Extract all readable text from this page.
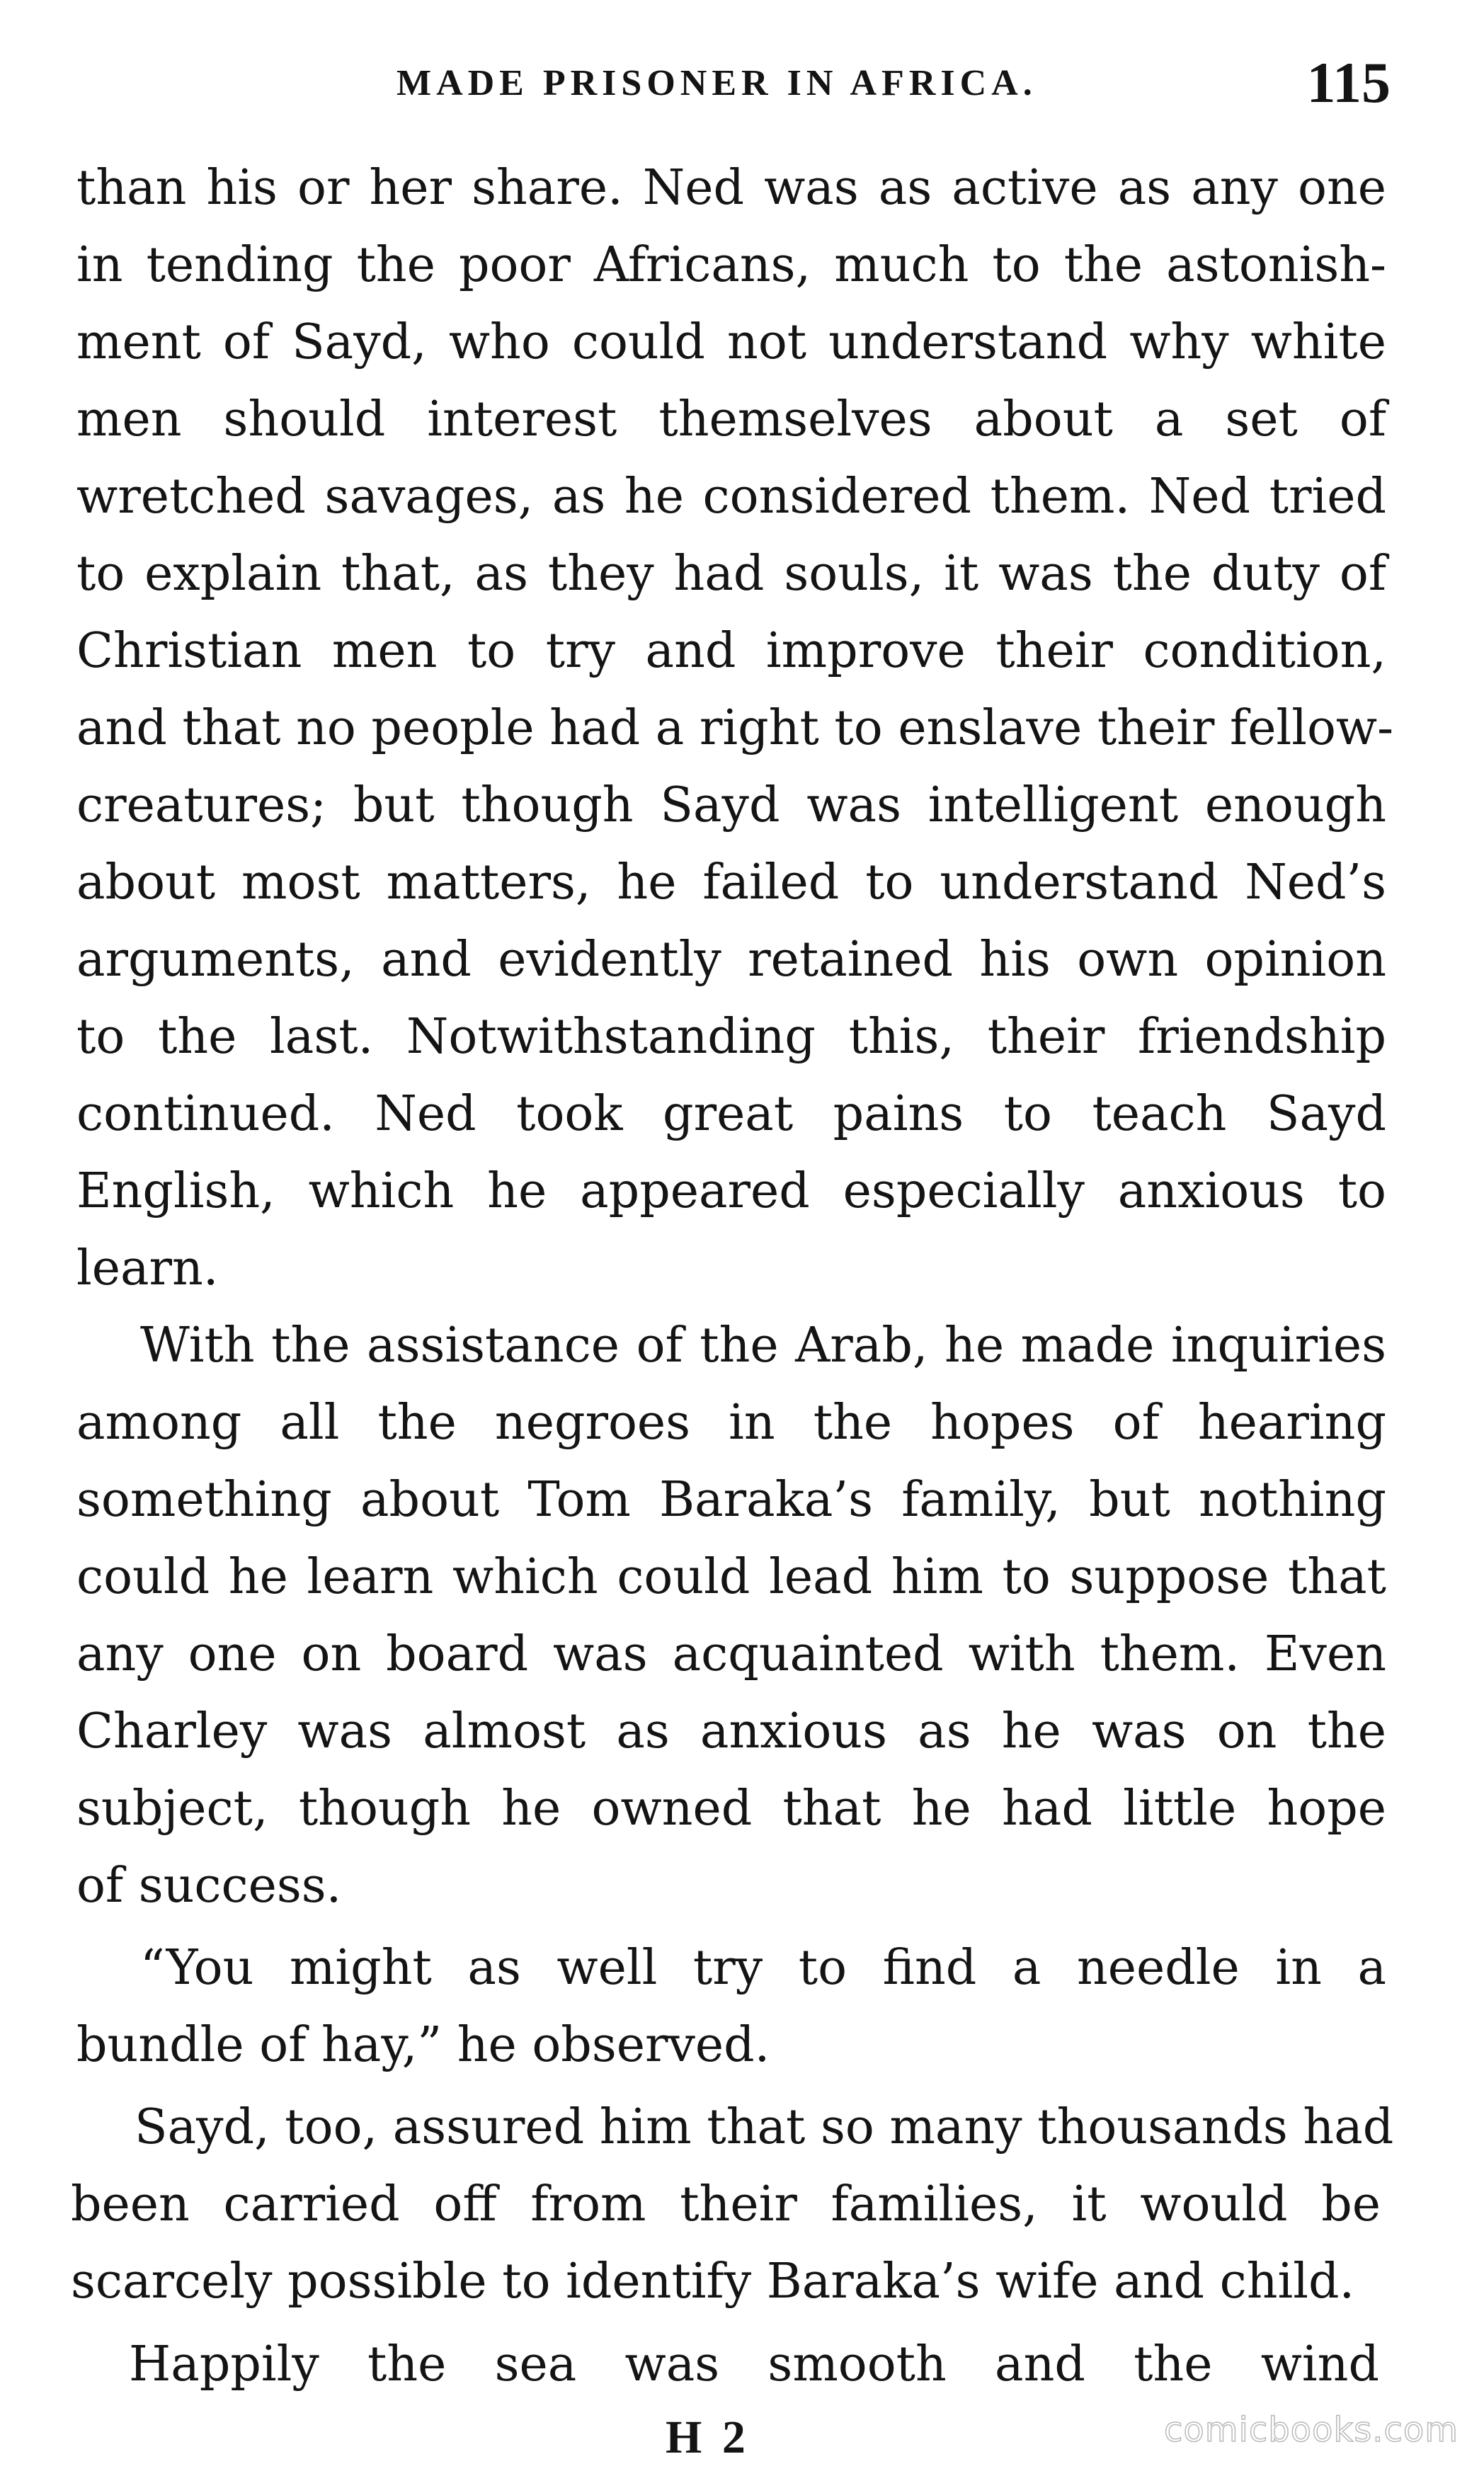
MADE PRISONER IN AFRICA.	115
than his or her share. Ned was as active as any one
in tending the poor Africans, much to the astonish-
ment of Sayd, who could not understand why white
men should interest themselves about a set of
wretched savages, as he considered them. Ned tried
to explain that, as they had souls, it was the duty of
Christian men to try and improve their condition,
and that no people had a right to enslave their fellow-
creatures; but though Sayd was intelligent enough
about most matters, he failed to understand Ned’s
arguments, and evidently retained his own opinion
to the last. Notwithstanding this, their friendship
continued. Ned took great pains to teach Sayd
English, which he appeared especially anxious to
learn.
With the assistance of the Arab, he made inquiries
among all the negroes in the hopes of hearing
something about Tom Baraka’s family, but nothing
could he learn which could lead him to suppose that
any one on board was acquainted with them. Even
Charley was almost as anxious as he was on the
subject, though he owned that he had little hope
of success.
“You might as well try to find a needle in a
bundle of hay,” he observed.
Sayd, too, assured him that so many thousands had
been carried off from their families, it would be
scarcely possible to identify Baraka’s wife and child.
Happily the sea was smooth and the wind
H 2	comicbooks.com
